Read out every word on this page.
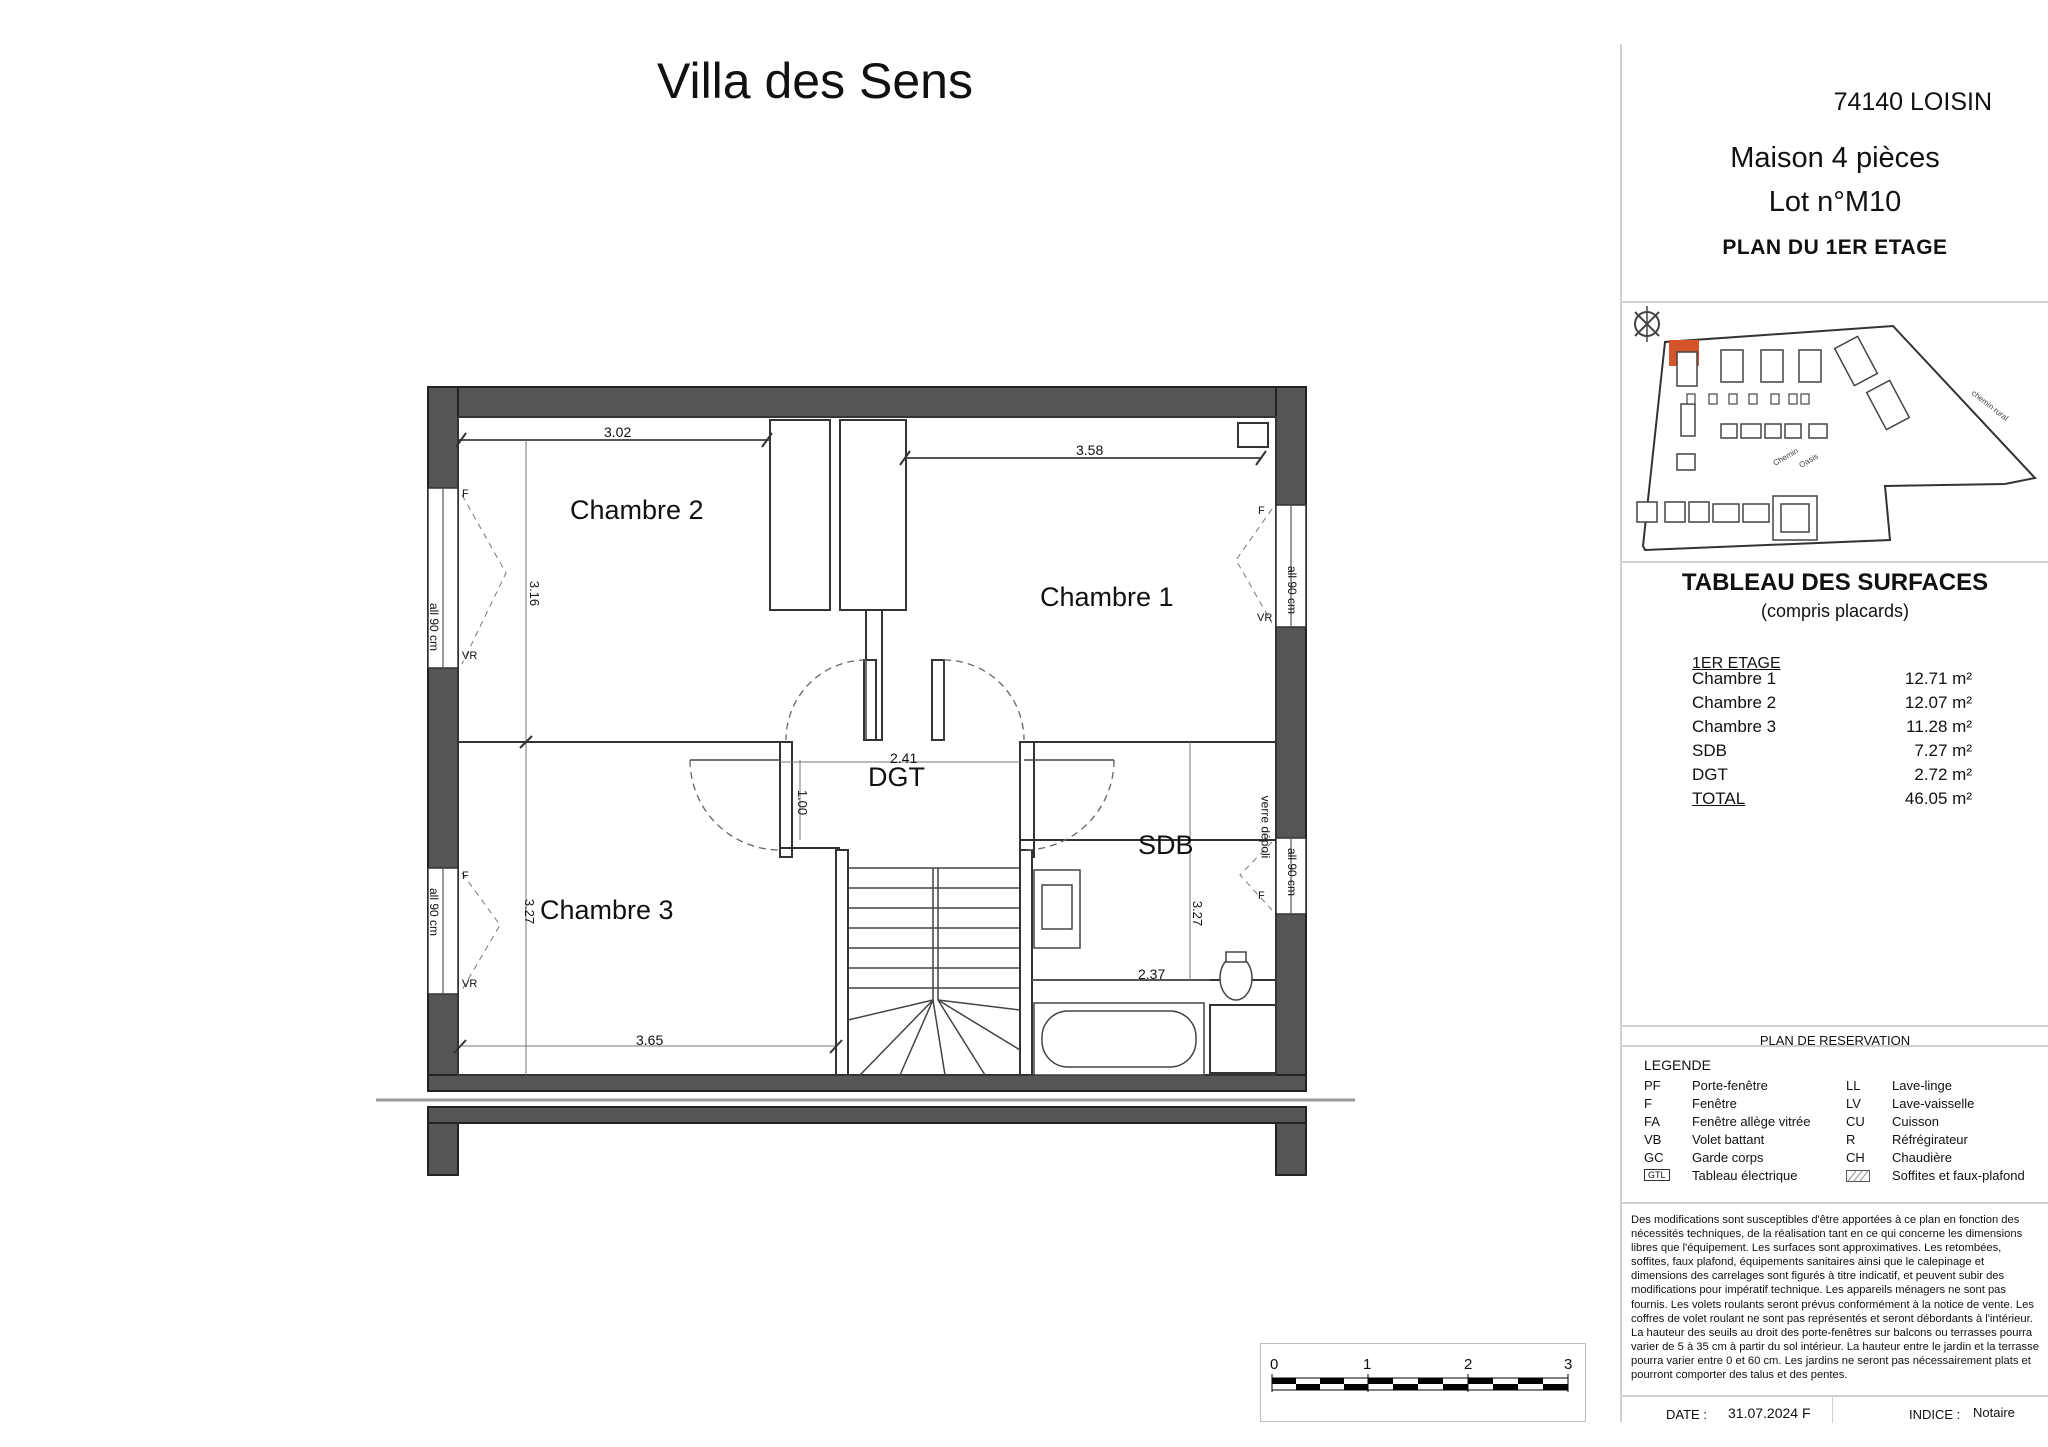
Villa des Sens
Chambre 2
Chambre 1
Chambre 3
SDB
DGT
3.02
3.58
3.16
2.41
1.00
3.27	3.27
2.37
3.65
all 90 cm
all 90 cm
all 90 cm
all 90 cm
verre dépoli
VR
VR
VR
F
F
F
F
74140 LOISIN
Maison 4 pièces
Lot n°M10
PLAN DU 1ER ETAGE
chemin rural
Chemin
Oasis
TABLEAU DES SURFACES
(compris placards)
1ER ETAGE
Chambre 1	12.71 m²
Chambre 2	12.07 m²
Chambre 3	11.28 m²
SDB	7.27 m²
DGT	2.72 m²
TOTAL	46.05 m²
PLAN DE RESERVATION
LEGENDE
PF Porte-fenêtre
F	Fenêtre
FA Fenêtre allège vitrée
VB Volet battant
GC Garde corps
GTL	Tableau électrique
LL Lave-linge
LV Lave-vaisselle
CU Cuisson
R	Réfrégirateur
CH Chaudière
Soffites et faux-plafond
Des modifications sont susceptibles d'être apportées à ce plan en fonction des nécessités techniques, de la réalisation tant en ce qui concerne les dimensions libres que l'équipement. Les surfaces sont approximatives. Les retombées, soffites, faux plafond, équipements sanitaires ainsi que le calepinage et dimensions des carrelages sont figurés à titre indicatif, et peuvent subir des modifications pour impératif technique. Les appareils ménagers ne sont pas fournis. Les volets roulants seront prévus conformément à la notice de vente. Les coffres de volet roulant ne sont pas représentés et seront débordants à l'intérieur. La hauteur des seuils au droit des porte-fenêtres sur balcons ou terrasses pourra varier de 5 à 35 cm à partir du sol intérieur. La hauteur entre le jardin et la terrasse pourra varier entre 0 et 60 cm. Les jardins ne seront pas nécessairement plats et pourront comporter des talus et des pentes.
DATE : 31.07.2024 F	INDICE : Notaire
0	1	2	3
